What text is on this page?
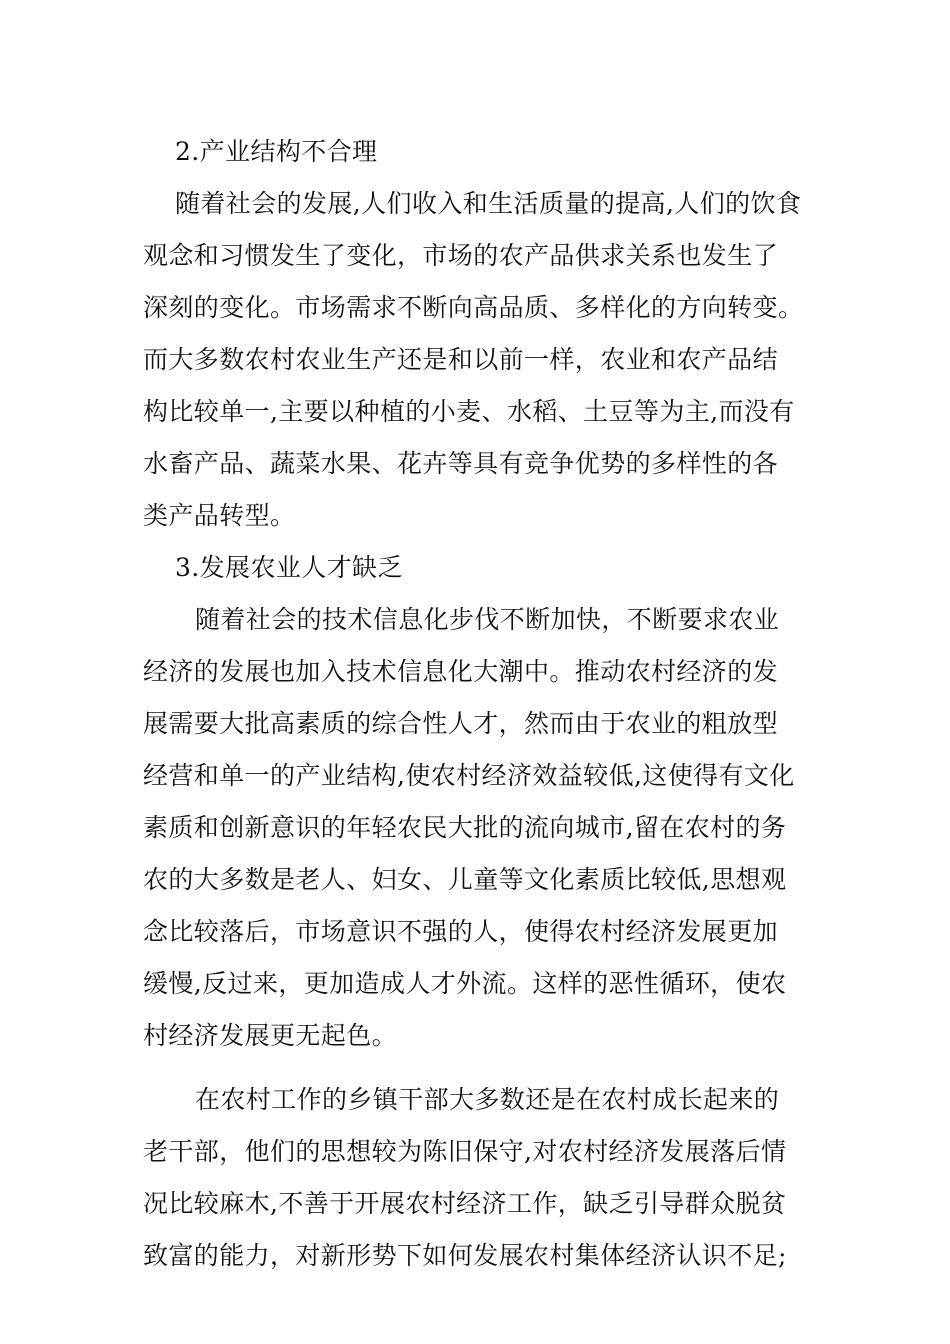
2.产业结构不合理
随着社会的发展,人们收入和生活质量的提高,人们的饮食
观念和习惯发生了变化，市场的农产品供求关系也发生了
深刻的变化。市场需求不断向高品质、多样化的方向转变。
而大多数农村农业生产还是和以前一样，农业和农产品结
构比较单一,主要以种植的小麦、水稻、土豆等为主,而没有
水畜产品、蔬菜水果、花卉等具有竞争优势的多样性的各
类产品转型。
3.发展农业人才缺乏
随着社会的技术信息化步伐不断加快，不断要求农业
经济的发展也加入技术信息化大潮中。推动农村经济的发
展需要大批高素质的综合性人才，然而由于农业的粗放型
经营和单一的产业结构,使农村经济效益较低,这使得有文化
素质和创新意识的年轻农民大批的流向城市,留在农村的务
农的大多数是老人、妇女、儿童等文化素质比较低,思想观
念比较落后，市场意识不强的人，使得农村经济发展更加
缓慢,反过来，更加造成人才外流。这样的恶性循环，使农
村经济发展更无起色。
在农村工作的乡镇干部大多数还是在农村成长起来的
老干部，他们的思想较为陈旧保守,对农村经济发展落后情
况比较麻木,不善于开展农村经济工作，缺乏引导群众脱贫
致富的能力，对新形势下如何发展农村集体经济认识不足;
